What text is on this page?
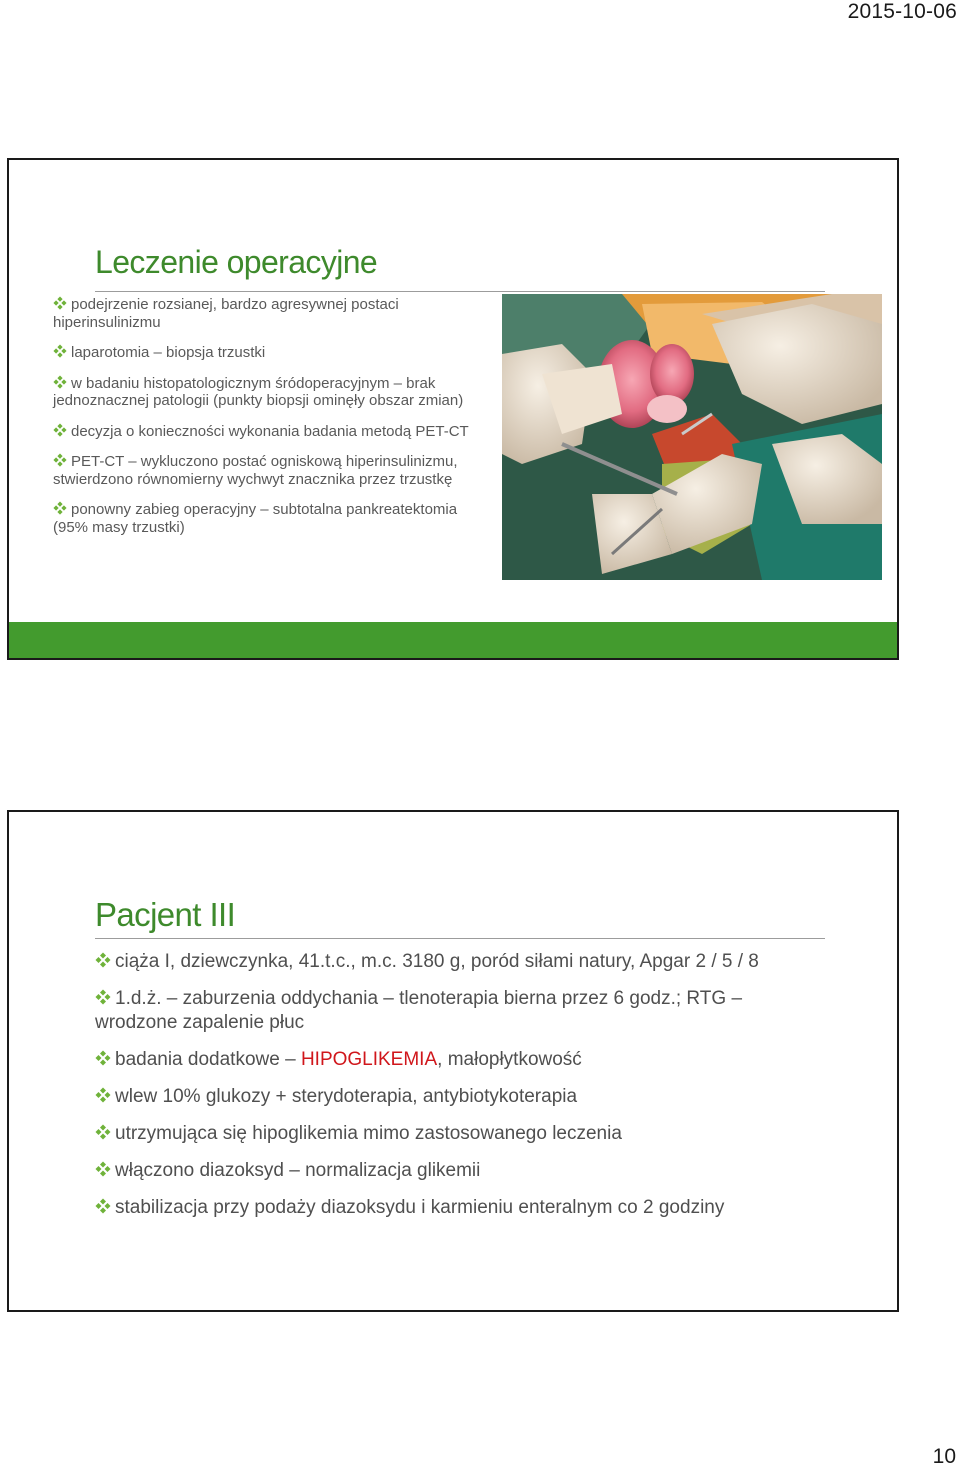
2015-10-06
Leczenie operacyjne
podejrzenie rozsianej, bardzo agresywnej postaci hiperinsulinizmu
laparotomia – biopsja trzustki
w badaniu histopatologicznym śródoperacyjnym – brak jednoznacznej patologii (punkty biopsji ominęły obszar zmian)
decyzja o konieczności wykonania badania metodą PET-CT
PET-CT – wykluczono postać ogniskową hiperinsulinizmu, stwierdzono równomierny wychwyt znacznika przez trzustkę
ponowny zabieg operacyjny – subtotalna pankreatektomia (95% masy trzustki)
Pacjent III
ciąża I, dziewczynka, 41.t.c., m.c. 3180 g, poród siłami natury, Apgar 2 / 5 / 8
1.d.ż. – zaburzenia oddychania – tlenoterapia bierna przez 6 godz.; RTG – wrodzone zapalenie płuc
badania dodatkowe – HIPOGLIKEMIA, małopłytkowość
wlew 10% glukozy + sterydoterapia, antybiotykoterapia
utrzymująca się hipoglikemia mimo zastosowanego leczenia
włączono diazoksyd – normalizacja glikemii
stabilizacja przy podaży diazoksydu i karmieniu enteralnym co 2 godziny
10
